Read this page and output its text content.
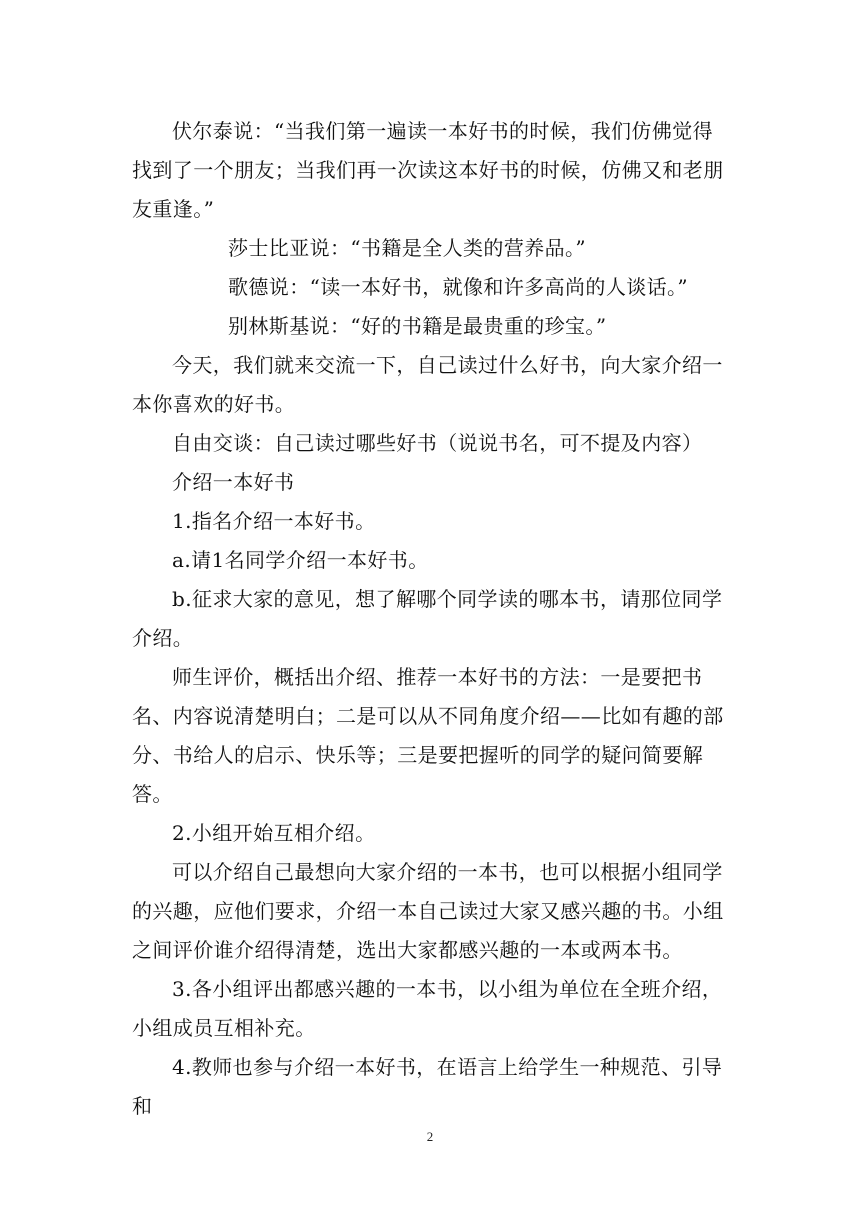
伏尔泰说：“当我们第一遍读一本好书的时候，我们仿佛觉得找到了一个朋友；当我们再一次读这本好书的时候，仿佛又和老朋友重逢。”

莎士比亚说：“书籍是全人类的营养品。”

歌德说：“读一本好书，就像和许多高尚的人谈话。”

别林斯基说：“好的书籍是最贵重的珍宝。”

今天，我们就来交流一下，自己读过什么好书，向大家介绍一本你喜欢的好书。

自由交谈：自己读过哪些好书（说说书名，可不提及内容）

介绍一本好书

1.指名介绍一本好书。

a.请1名同学介绍一本好书。

b.征求大家的意见，想了解哪个同学读的哪本书，请那位同学介绍。

师生评价，概括出介绍、推荐一本好书的方法：一是要把书名、内容说清楚明白；二是可以从不同角度介绍——比如有趣的部分、书给人的启示、快乐等；三是要把握听的同学的疑问简要解答。

2.小组开始互相介绍。

可以介绍自己最想向大家介绍的一本书，也可以根据小组同学的兴趣，应他们要求，介绍一本自己读过大家又感兴趣的书。小组之间评价谁介绍得清楚，选出大家都感兴趣的一本或两本书。

3.各小组评出都感兴趣的一本书，以小组为单位在全班介绍，小组成员互相补充。

4.教师也参与介绍一本好书，在语言上给学生一种规范、引导和

2
